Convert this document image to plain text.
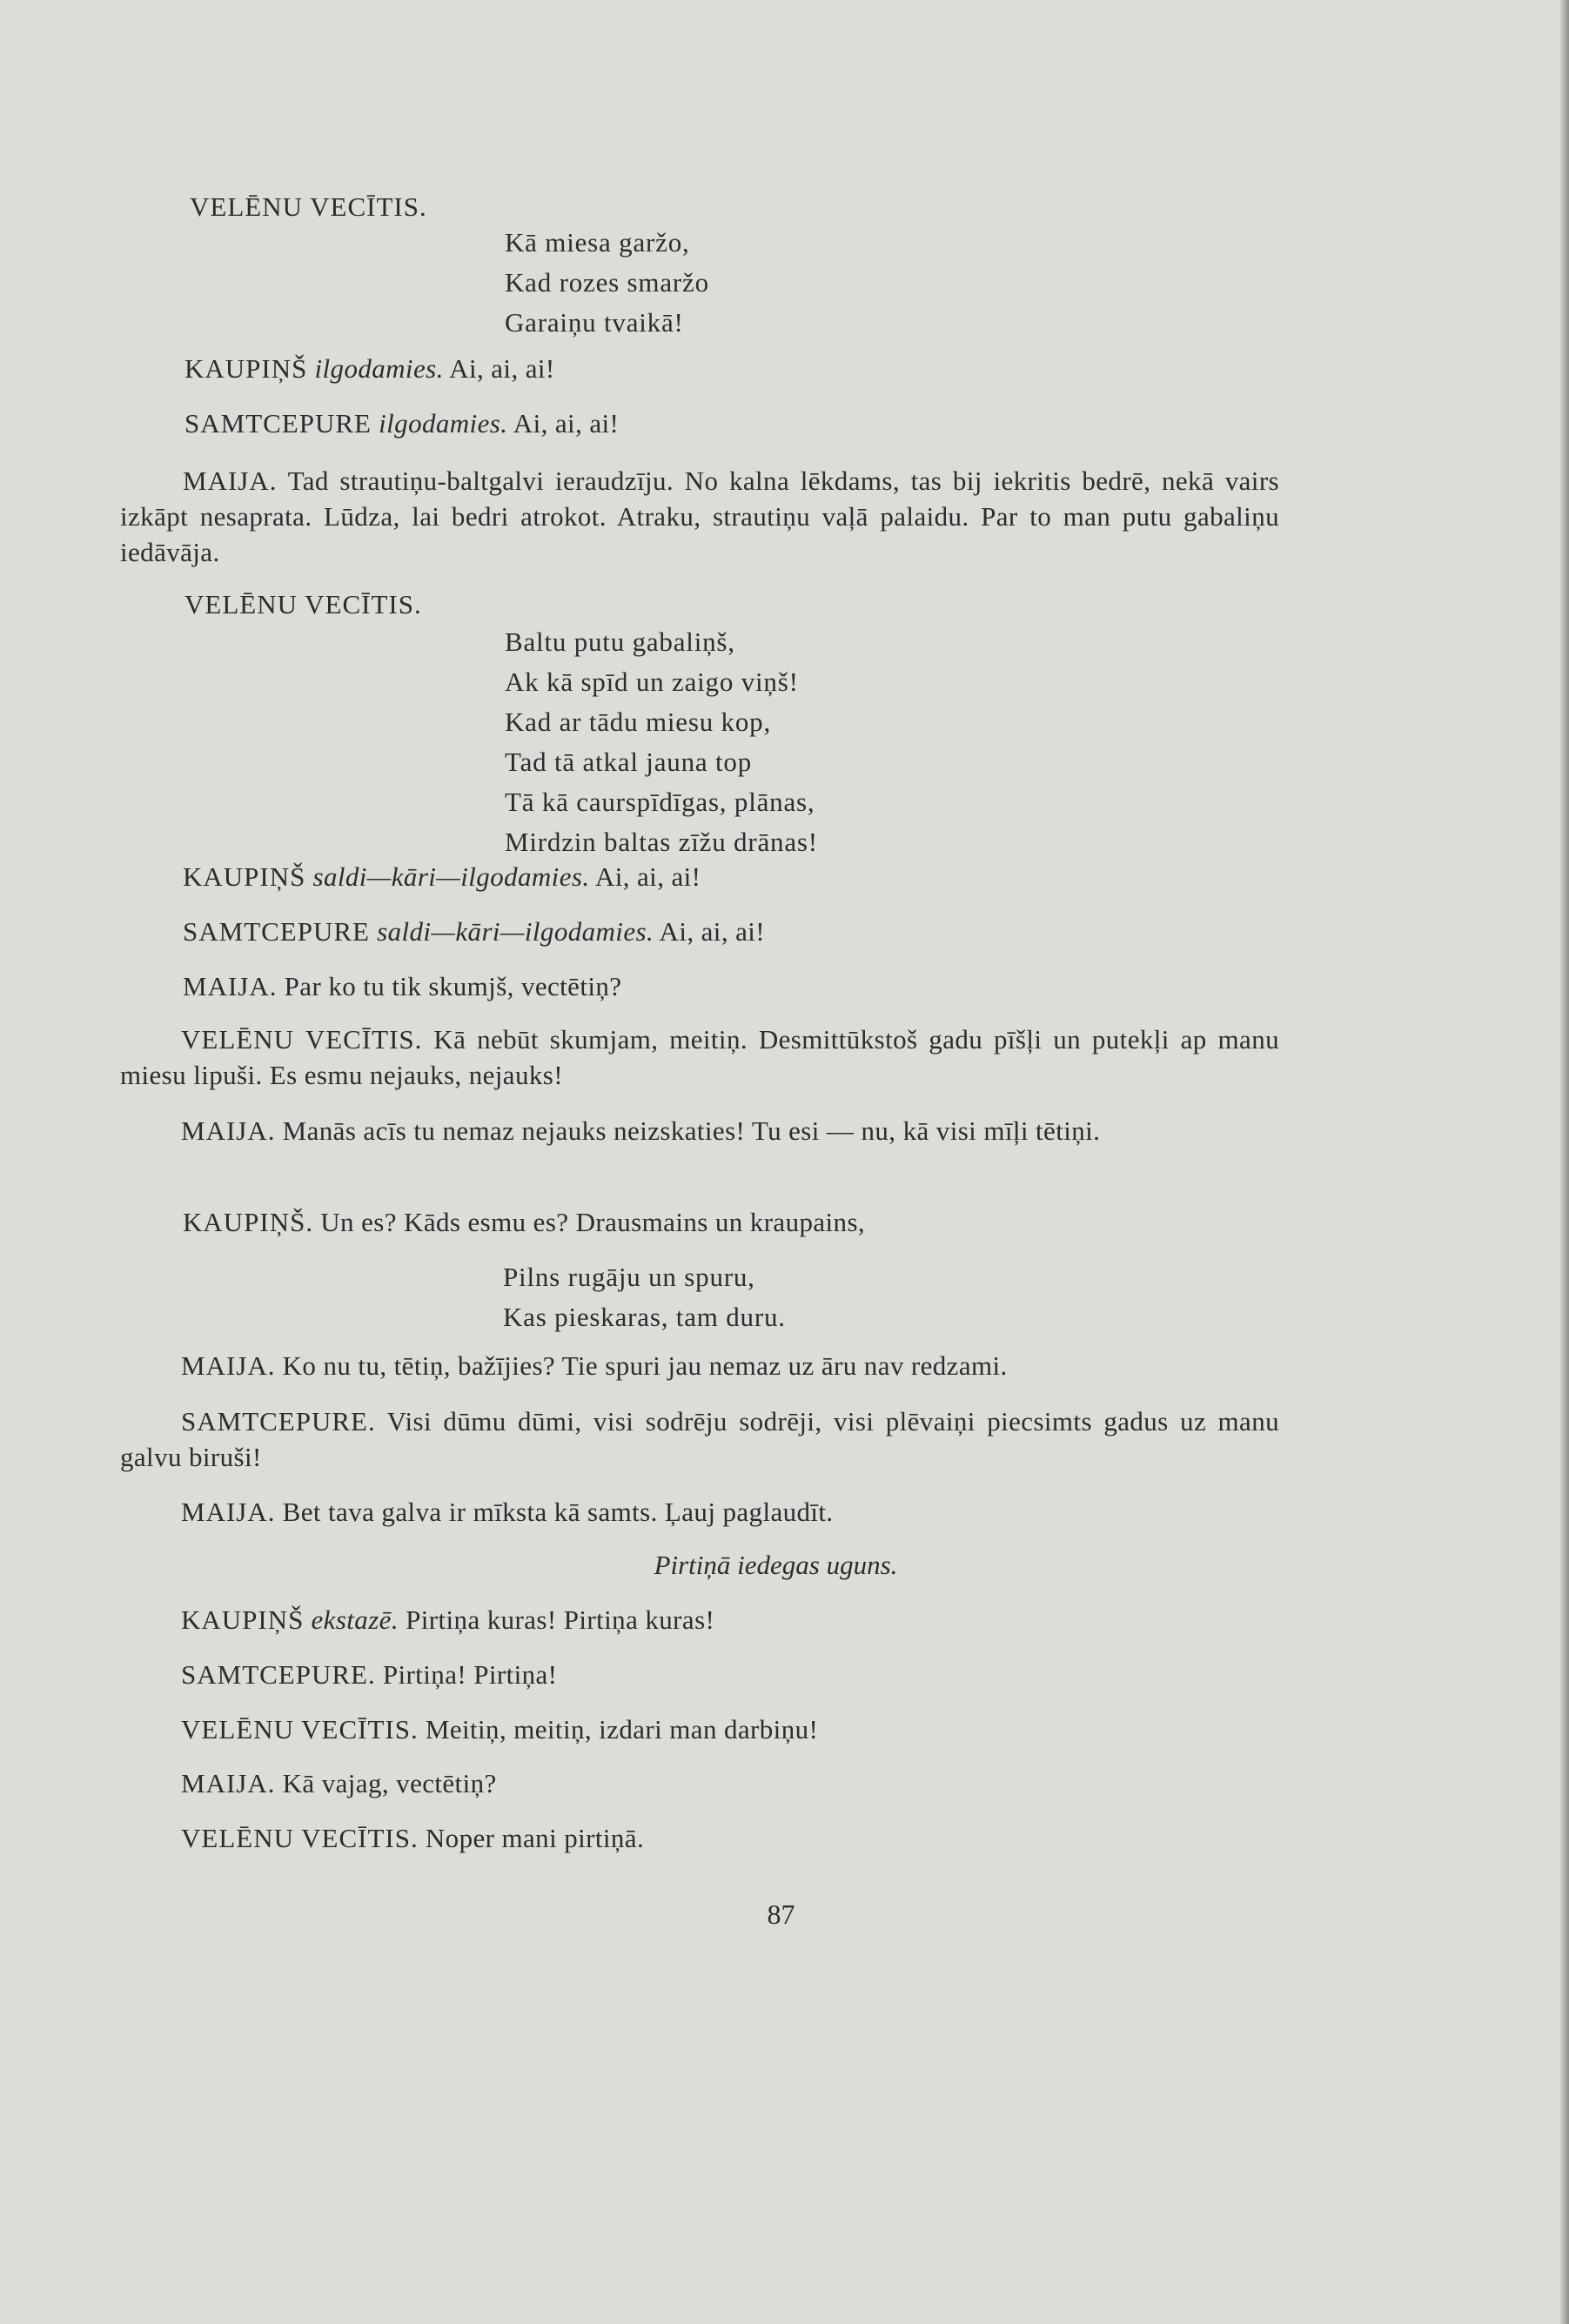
VELĒNU VECĪTIS.
Kā miesa garžo,
Kad rozes smaržo
Garaiņu tvaikā!
KAUPIŅŠ ilgodamies. Ai, ai, ai!
SAMTCEPURE ilgodamies. Ai, ai, ai!
MAIJA. Tad strautiņu-baltgalvi ieraudzīju. No kalna lēkdams, tas bij iekritis bedrē, nekā vairs izkāpt nesaprata. Lūdza, lai bedri atrokot. Atraku, strautiņu vaļā palaidu. Par to man putu gabaliņu iedāvāja.
VELĒNU VECĪTIS.
Baltu putu gabaliņš,
Ak kā spīd un zaigo viņš!
Kad ar tādu miesu kop,
Tad tā atkal jauna top
Tā kā caurspīdīgas, plānas,
Mirdzin baltas zīžu drānas!
KAUPIŅŠ saldi—kāri—ilgodamies. Ai, ai, ai!
SAMTCEPURE saldi—kāri—ilgodamies. Ai, ai, ai!
MAIJA. Par ko tu tik skumjš, vectētiņ?
VELĒNU VECĪTIS. Kā nebūt skumjam, meitiņ. Desmittūkstoš gadu pīšļi un putekļi ap manu miesu lipuši. Es esmu nejauks, nejauks!
MAIJA. Manās acīs tu nemaz nejauks neizskaties! Tu esi — nu, kā visi mīļi tētiņi.
KAUPIŅŠ. Un es? Kāds esmu es? Drausmains un kraupains,
Pilns rugāju un spuru,
Kas pieskaras, tam duru.
MAIJA. Ko nu tu, tētiņ, bažījies? Tie spuri jau nemaz uz āru nav redzami.
SAMTCEPURE. Visi dūmu dūmi, visi sodrēju sodrēji, visi plēvaiņi piecsimts gadus uz manu galvu biruši!
MAIJA. Bet tava galva ir mīksta kā samts. Ļauj paglaudīt.
Pirtiņā iedegas uguns.
KAUPIŅŠ ekstazē. Pirtiņa kuras! Pirtiņa kuras!
SAMTCEPURE. Pirtiņa! Pirtiņa!
VELĒNU VECĪTIS. Meitiņ, meitiņ, izdari man darbiņu!
MAIJA. Kā vajag, vectētiņ?
VELĒNU VECĪTIS. Noper mani pirtiņā.
87
